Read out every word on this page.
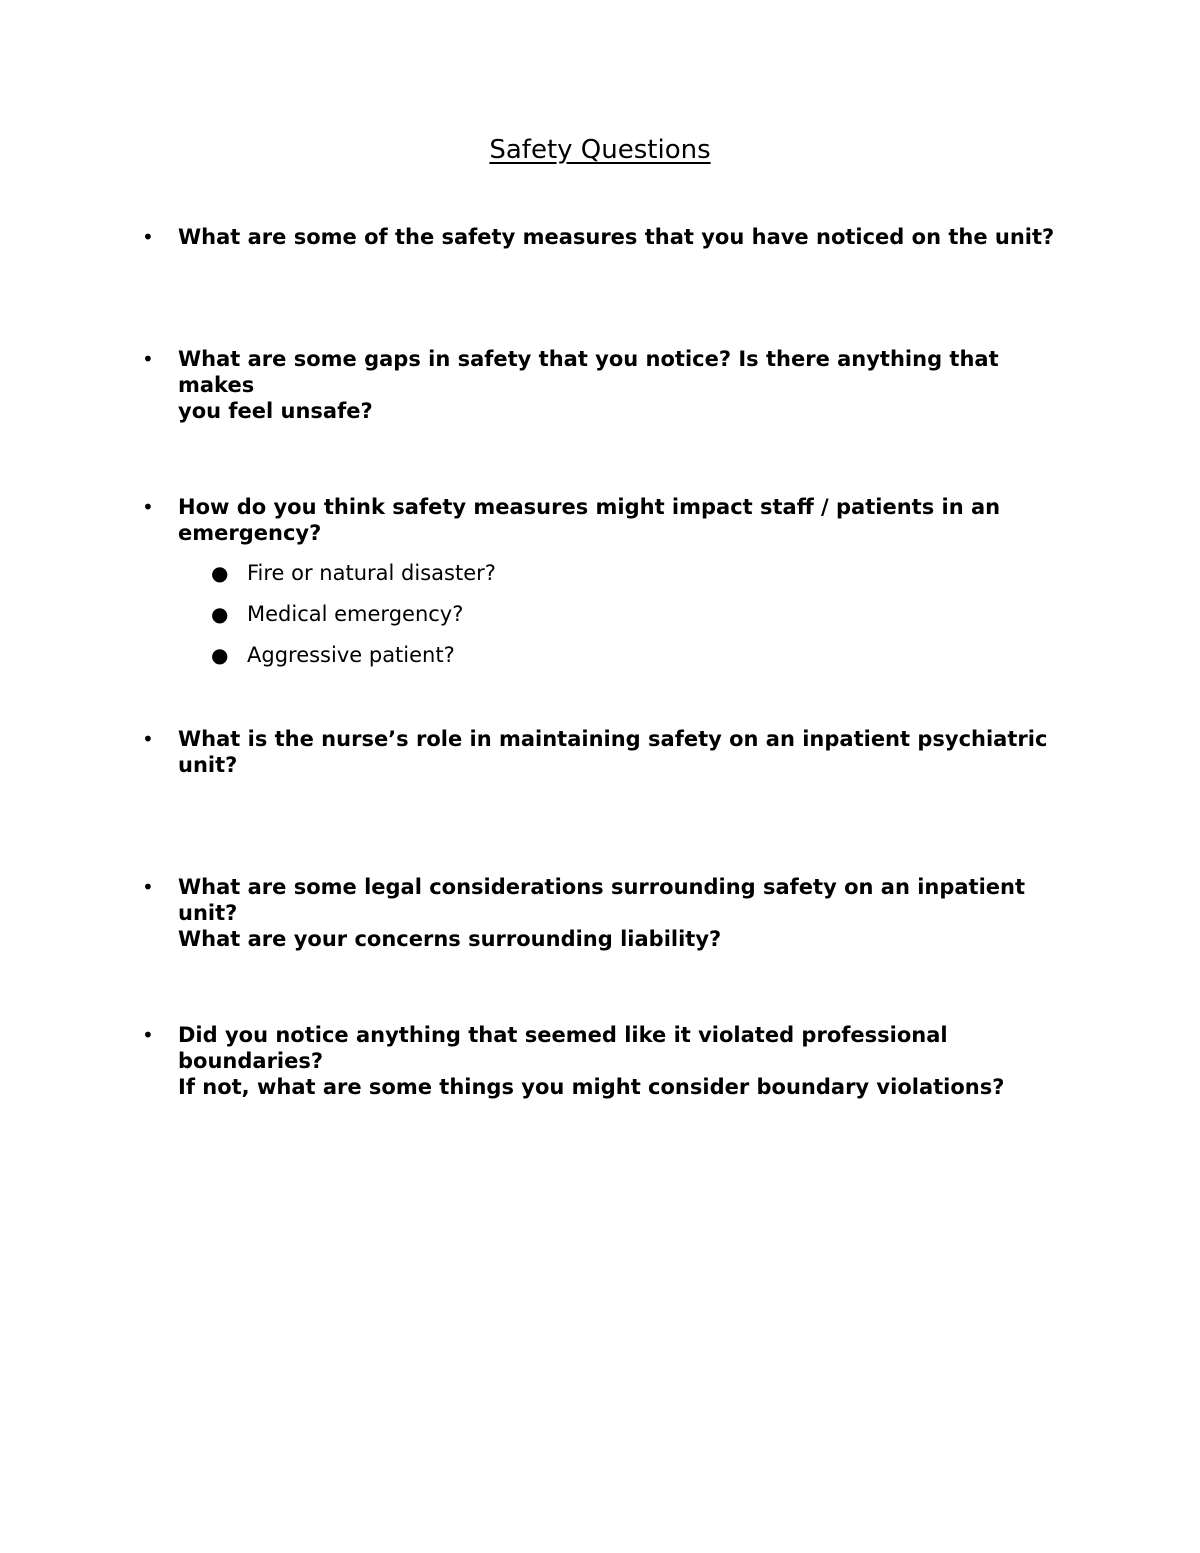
Safety Questions
•	What are some of the safety measures that you have noticed on the unit?

•	What are some gaps in safety that you notice? Is there anything that makes
you feel unsafe?

•	How do you think safety measures might impact staff / patients in an
emergency?

● Fire or natural disaster?
● Medical emergency?
● Aggressive patient?
•	What is the nurse’s role in maintaining safety on an inpatient psychiatric
unit?

•	What are some legal considerations surrounding safety on an inpatient unit?
What are your concerns surrounding liability?

•	Did you notice anything that seemed like it violated professional boundaries?
If not, what are some things you might consider boundary violations?
